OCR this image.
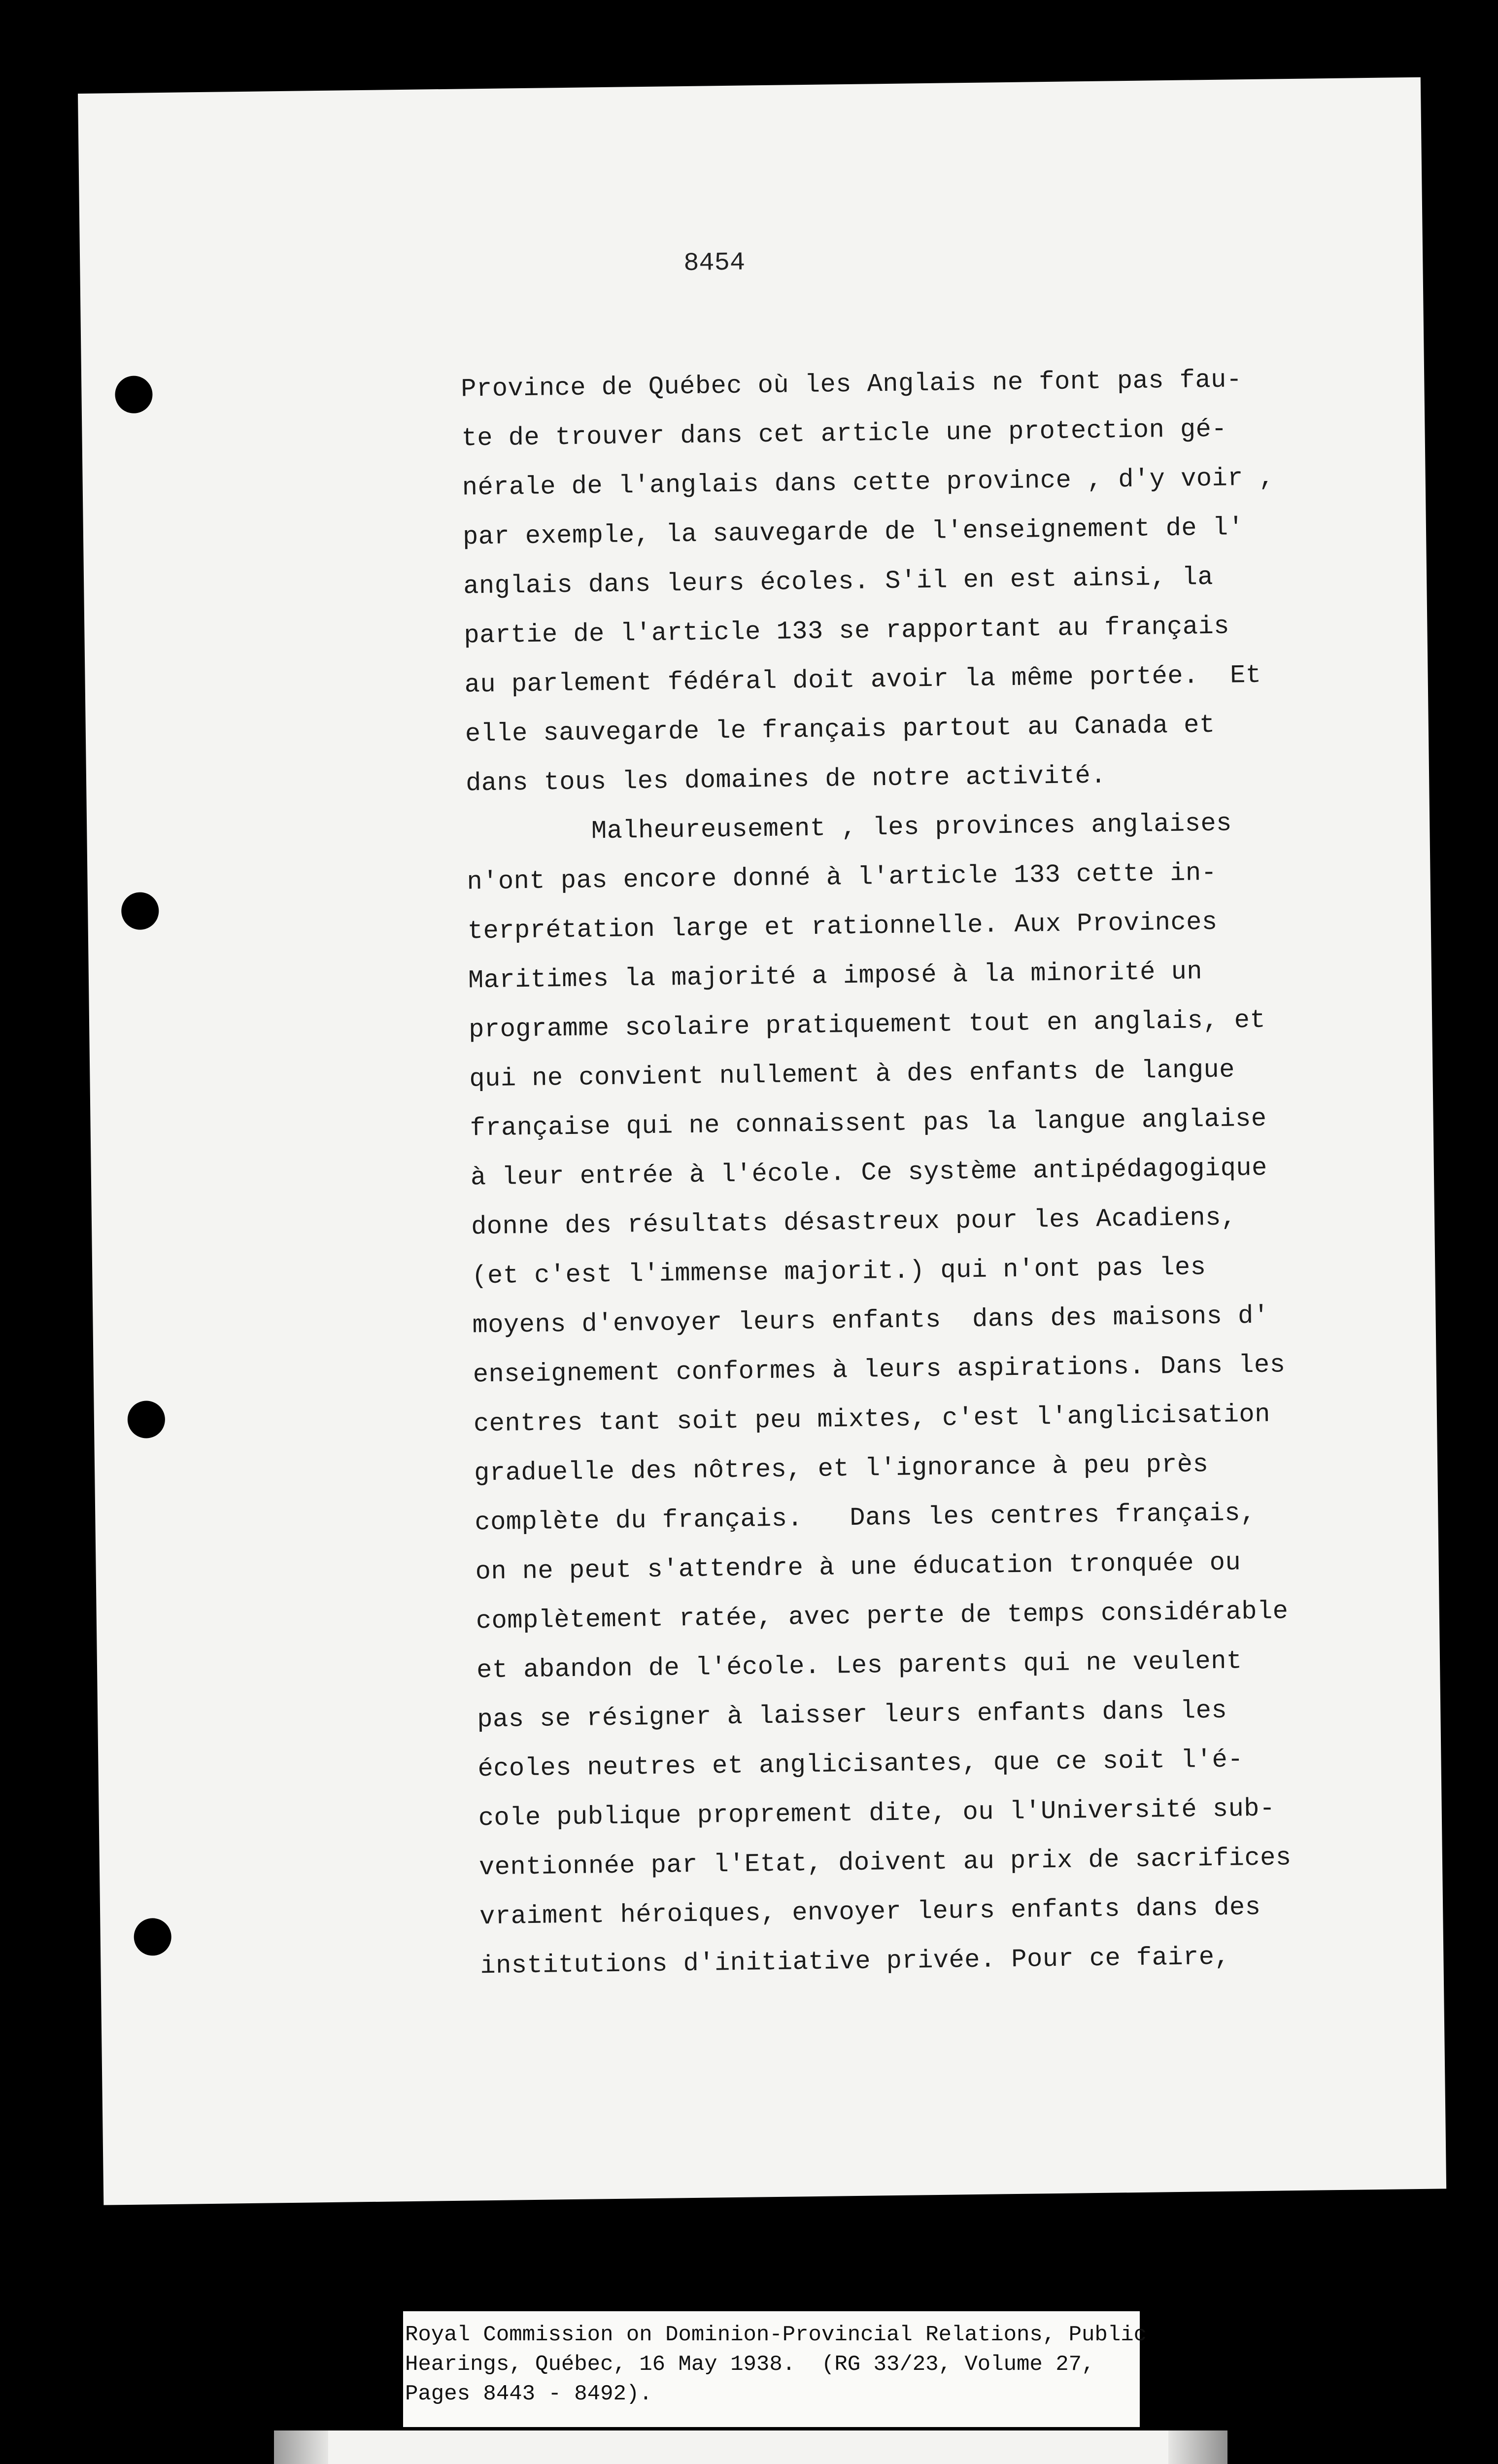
8454
Province de Québec où les Anglais ne font pas fau-
te de trouver dans cet article une protection gé-
nérale de l'anglais dans cette province , d'y voir ,
par exemple, la sauvegarde de l'enseignement de l'
anglais dans leurs écoles. S'il en est ainsi, la
partie de l'article 133 se rapportant au français
au parlement fédéral doit avoir la même portée.  Et
elle sauvegarde le français partout au Canada et
dans tous les domaines de notre activité.
Malheureusement , les provinces anglaises
n'ont pas encore donné à l'article 133 cette in-
terprétation large et rationnelle. Aux Provinces
Maritimes la majorité a imposé à la minorité un
programme scolaire pratiquement tout en anglais, et
qui ne convient nullement à des enfants de langue
française qui ne connaissent pas la langue anglaise
à leur entrée à l'école. Ce système antipédagogique
donne des résultats désastreux pour les Acadiens,
(et c'est l'immense majorit.) qui n'ont pas les
moyens d'envoyer leurs enfants  dans des maisons d'
enseignement conformes à leurs aspirations. Dans les
centres tant soit peu mixtes, c'est l'anglicisation
graduelle des nôtres, et l'ignorance à peu près
complète du français.   Dans les centres français,
on ne peut s'attendre à une éducation tronquée ou
complètement ratée, avec perte de temps considérable
et abandon de l'école. Les parents qui ne veulent
pas se résigner à laisser leurs enfants dans les
écoles neutres et anglicisantes, que ce soit l'é-
cole publique proprement dite, ou l'Université sub-
ventionnée par l'Etat, doivent au prix de sacrifices
vraiment héroiques, envoyer leurs enfants dans des
institutions d'initiative privée. Pour ce faire,
Royal Commission on Dominion-Provincial Relations, Public
Hearings, Québec, 16 May 1938.  (RG 33/23, Volume 27,
Pages 8443 - 8492).
